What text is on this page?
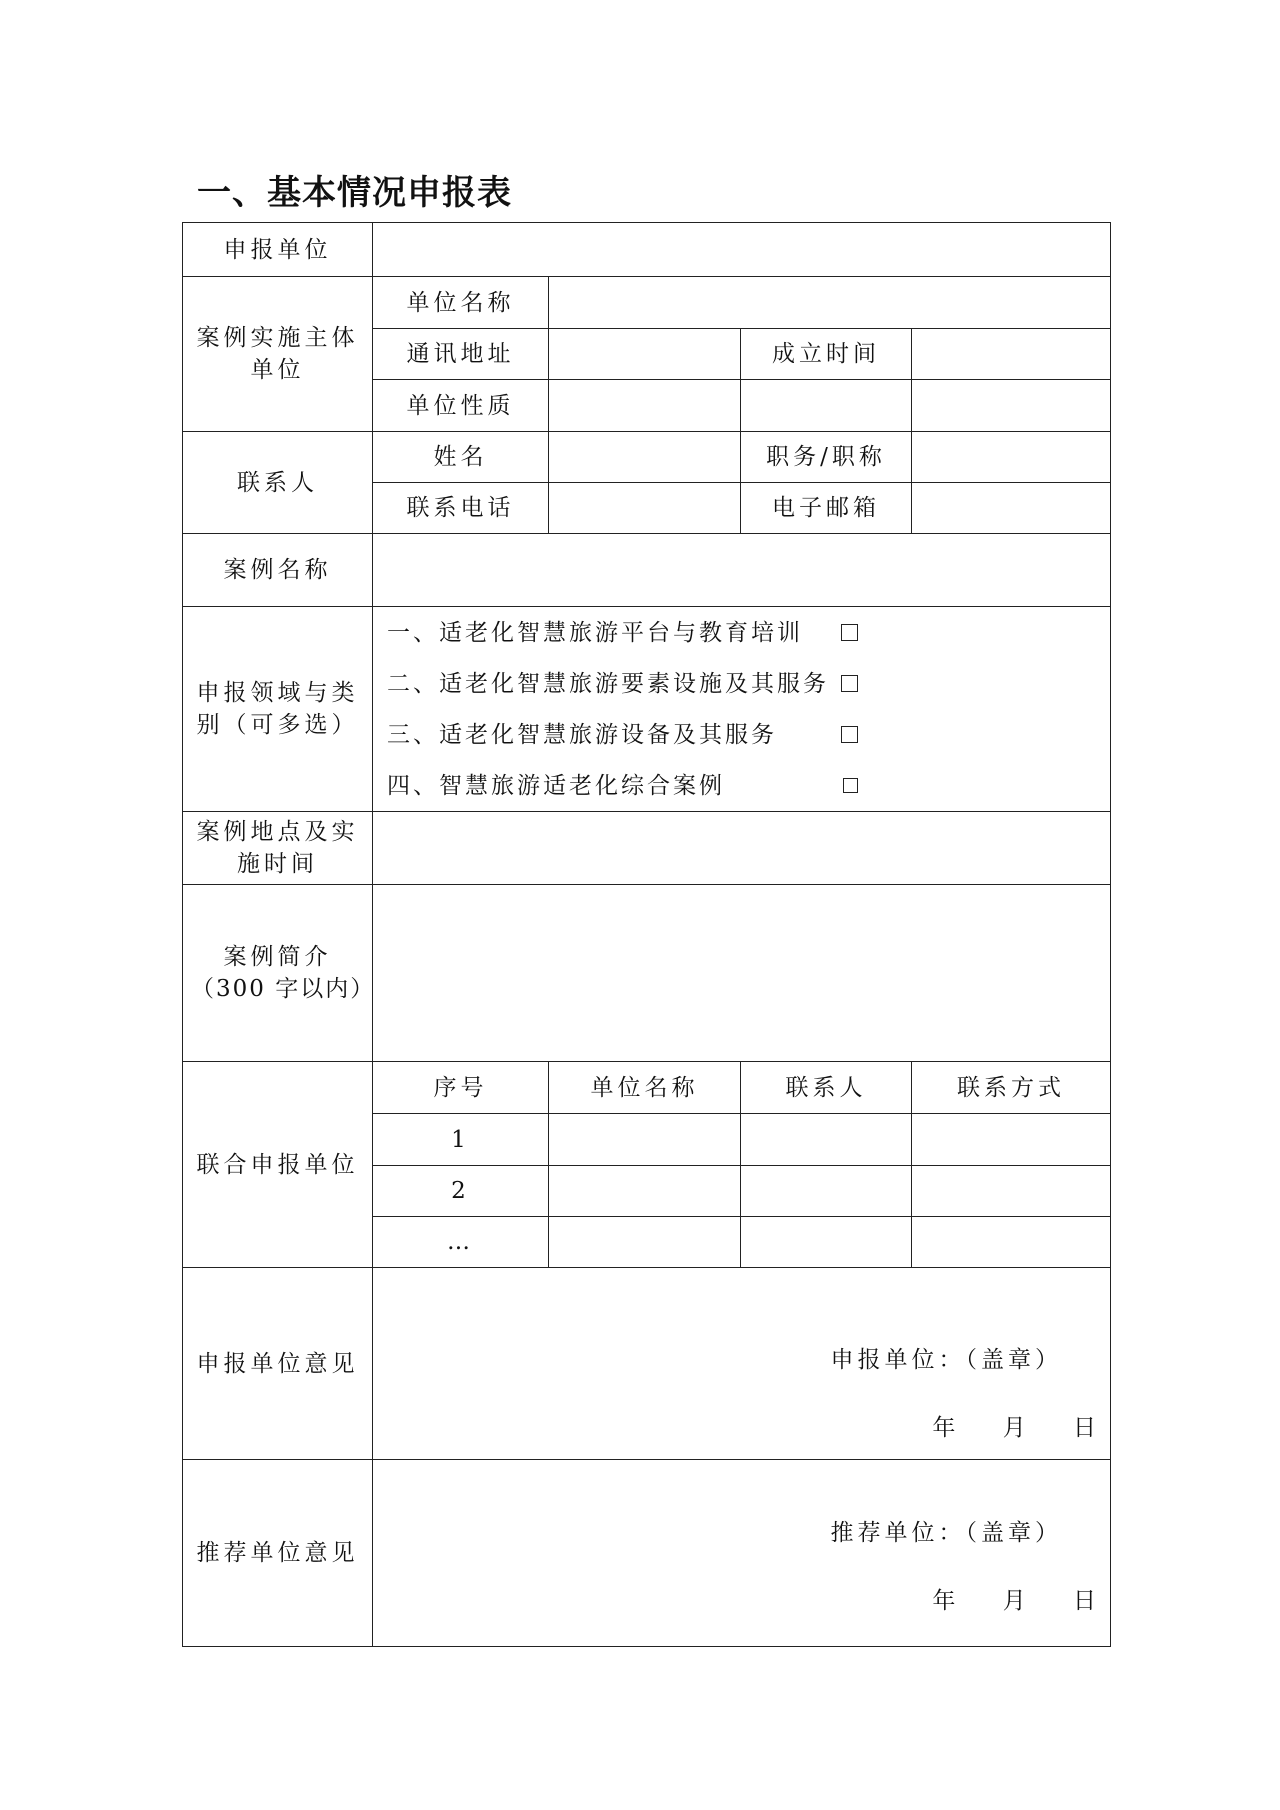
一、基本情况申报表
申报单位				
案例实施主体单位	单位名称			
	通讯地址		成立时间	
	单位性质			
联系人	姓名		职务/职称	
	联系电话		电子邮箱	
案例名称				
申报领域与类别（可多选）	一、适老化智慧旅游平台与教育培训
二、适老化智慧旅游要素设施及其服务
三、适老化智慧旅游设备及其服务
四、智慧旅游适老化综合案例			

案例地点及实施时间				

案例简介
（300 字以内）				

联合申报单位	序号	单位名称	联系人	联系方式
	1			
	2			
	…			
申报单位意见	申报单位：（盖章）
年 月 日			

推荐单位意见	推荐单位：（盖章）
年 月 日			
